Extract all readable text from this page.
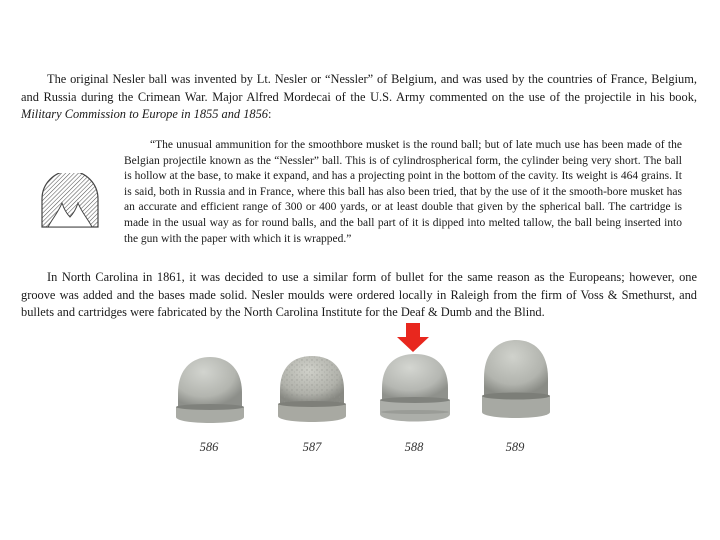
The original Nesler ball was invented by Lt. Nesler or “Nessler” of Belgium, and was used by the countries of France, Belgium, and Russia during the Crimean War. Major Alfred Mordecai of the U.S. Army commented on the use of the projectile in his book, Military Commission to Europe in 1855 and 1856:

“The unusual ammunition for the smoothbore musket is the round ball; but of late much use has been made of the Belgian projectile known as the “Nessler” ball. This is of cylindrospherical form, the cylinder being very short. The ball is hollow at the base, to make it expand, and has a projecting point in the bottom of the cavity. Its weight is 464 grains. It is said, both in Russia and in France, where this ball has also been tried, that by the use of it the smooth-bore musket has an accurate and efficient range of 300 or 400 yards, or at least double that given by the spherical ball. The cartridge is made in the usual way as for round balls, and the ball part of it is dipped into melted tallow, the ball being inserted into the gun with the paper with which it is wrapped.”

In North Carolina in 1861, it was decided to use a similar form of bullet for the same reason as the Europeans; however, one groove was added and the bases made solid. Nesler moulds were ordered locally in Raleigh from the firm of Voss & Smethurst, and bullets and cartridges were fabricated by the North Carolina Institute for the Deaf & Dumb and the Blind.

586	587	588	589
